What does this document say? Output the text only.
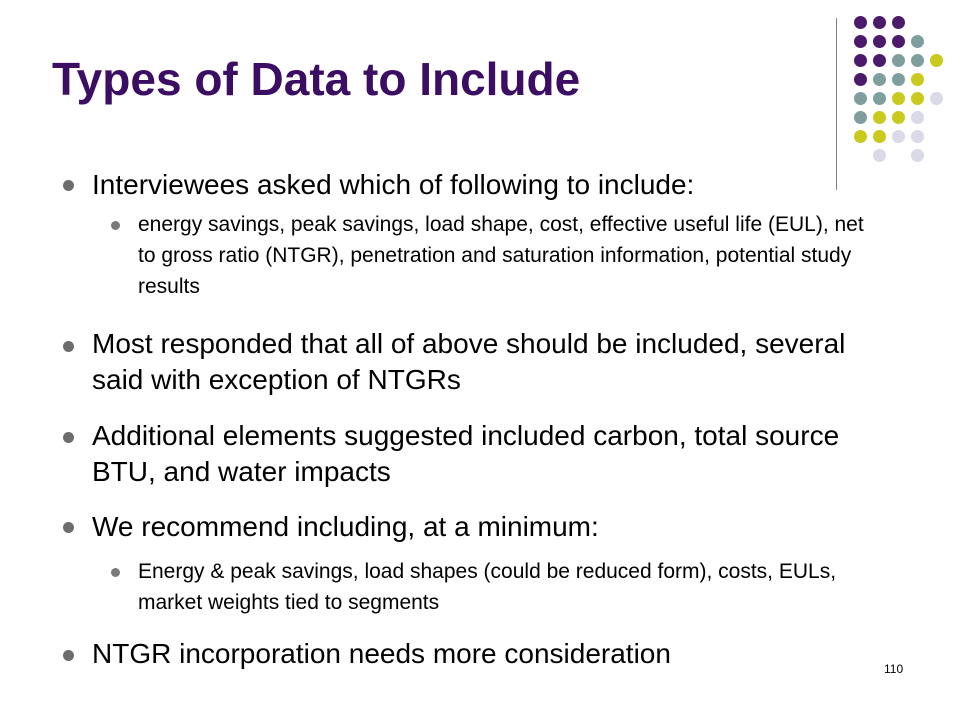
Types of Data to Include
Interviewees asked which of following to include:
energy savings, peak savings, load shape, cost, effective useful life (EUL), net to gross ratio (NTGR), penetration and saturation information, potential study results
Most responded that all of above should be included, several said with exception of NTGRs
Additional elements suggested included carbon, total source BTU, and water impacts
We recommend including, at a minimum:
Energy & peak savings, load shapes (could be reduced form), costs, EULs, market weights tied to segments
NTGR incorporation needs more consideration	110
